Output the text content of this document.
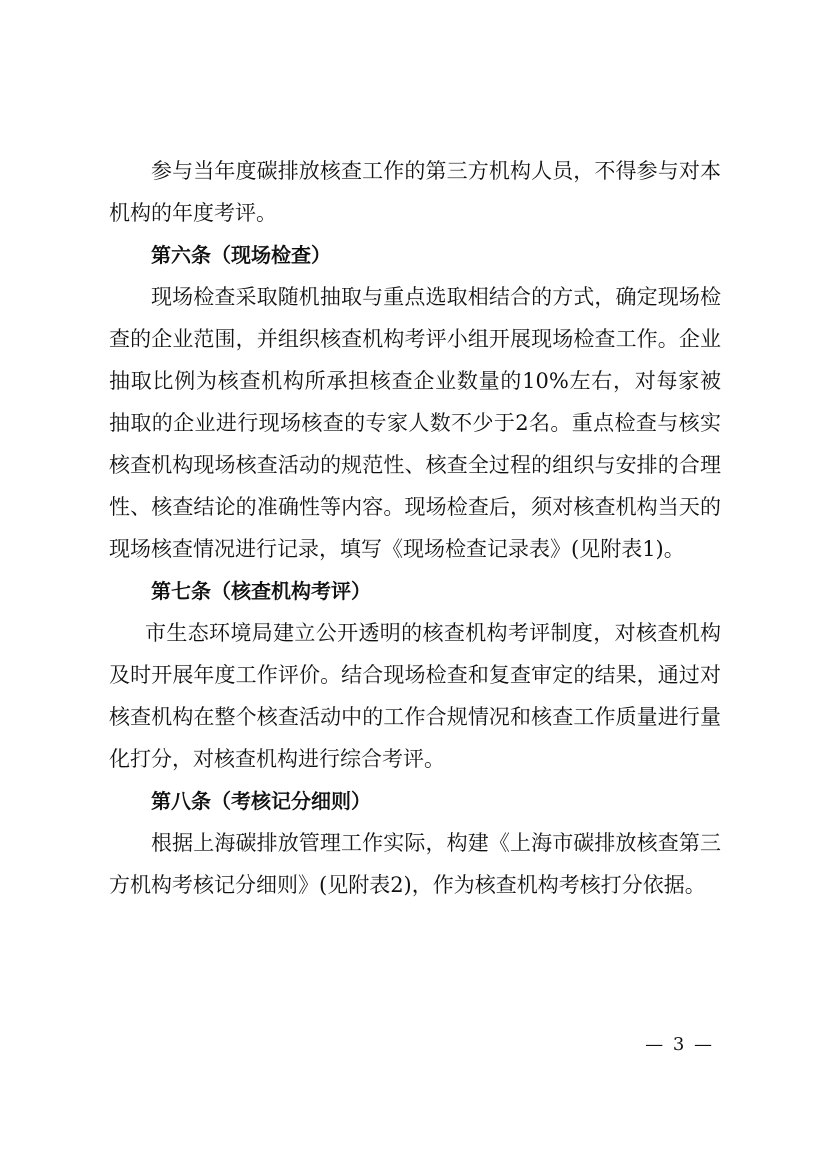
参与当年度碳排放核查工作的第三方机构人员，不得参与对本机构的年度考评。

第六条（现场检查）

现场检查采取随机抽取与重点选取相结合的方式，确定现场检查的企业范围，并组织核查机构考评小组开展现场检查工作。企业抽取比例为核查机构所承担核查企业数量的10%左右，对每家被抽取的企业进行现场核查的专家人数不少于2名。重点检查与核实核查机构现场核查活动的规范性、核查全过程的组织与安排的合理性、核查结论的准确性等内容。现场检查后，须对核查机构当天的现场核查情况进行记录，填写《现场检查记录表》(见附表1)。

第七条（核查机构考评）

市生态环境局建立公开透明的核查机构考评制度，对核查机构及时开展年度工作评价。结合现场检查和复查审定的结果，通过对核查机构在整个核查活动中的工作合规情况和核查工作质量进行量化打分，对核查机构进行综合考评。

第八条（考核记分细则）

根据上海碳排放管理工作实际，构建《上海市碳排放核查第三方机构考核记分细则》(见附表2)，作为核查机构考核打分依据。

— 3 —
